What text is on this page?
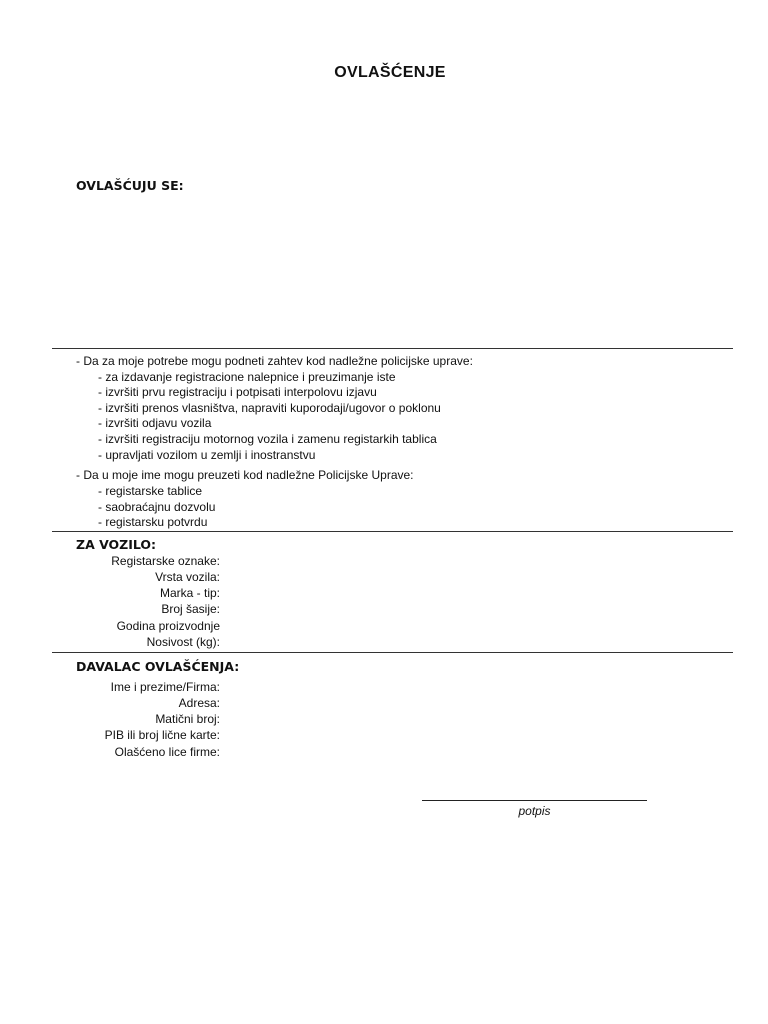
OVLAŠĆENJE
OVLAŠĆUJU SE:
- Da za moje potrebe mogu podneti zahtev kod nadležne policijske uprave:
- za izdavanje registracione nalepnice i preuzimanje iste
- izvršiti prvu registraciju i potpisati interpolovu izjavu
- izvršiti prenos vlasništva, napraviti kuporodaji/ugovor o poklonu
- izvršiti odjavu vozila
- izvršiti registraciju motornog vozila i zamenu registarkih tablica
- upravljati vozilom u zemlji i inostranstvu
- Da u moje ime mogu preuzeti kod nadležne Policijske Uprave:
- registarske tablice
- saobraćajnu dozvolu
- registarsku potvrdu
ZA VOZILO:
Registarske oznake:
Vrsta vozila:
Marka - tip:
Broj šasije:
Godina proizvodnje
Nosivost (kg):
DAVALAC OVLAŠĆENJA:
Ime i prezime/Firma:
Adresa:
Matični broj:
PIB ili broj lične karte:
Olašćeno lice firme:
potpis
